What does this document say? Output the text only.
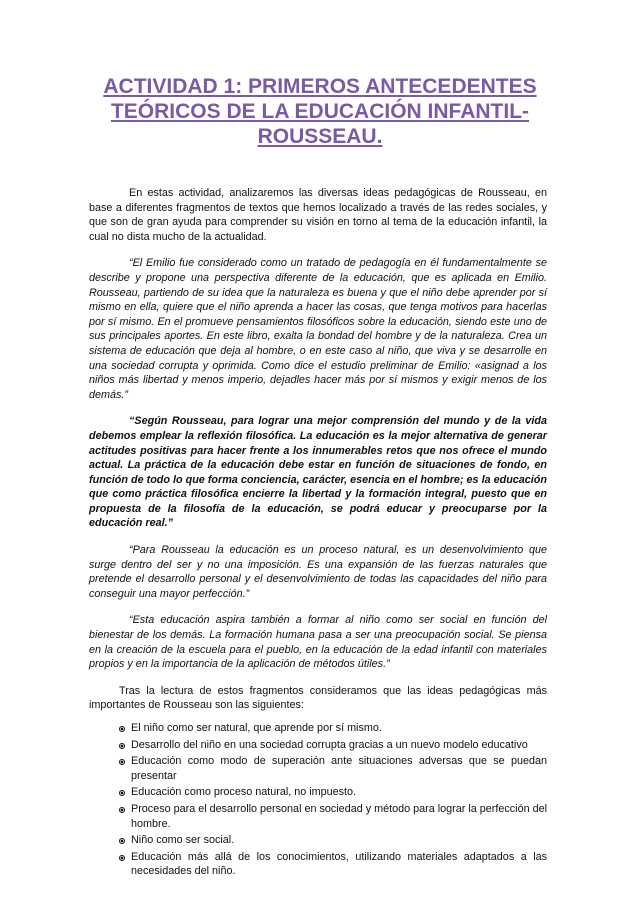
ACTIVIDAD 1: PRIMEROS ANTECEDENTES TEÓRICOS DE LA EDUCACIÓN INFANTIL- ROUSSEAU.

En estas actividad, analizaremos las diversas ideas pedagógicas de Rousseau, en base a diferentes fragmentos de textos que hemos localizado a través de las redes sociales, y que son de gran ayuda para comprender su visión en torno al tema de la educación infantil, la cual no dista mucho de la actualidad.

“El Emilio fue considerado como un tratado de pedagogía en él fundamentalmente se describe y propone una perspectiva diferente de la educación, que es aplicada en Emilio. Rousseau, partiendo de su idea que la naturaleza es buena y que el niño debe aprender por sí mismo en ella, quiere que el niño aprenda a hacer las cosas, que tenga motivos para hacerlas por sí mismo. En el promueve pensamientos filosóficos sobre la educación, siendo este uno de sus principales aportes. En este libro, exalta la bondad del hombre y de la naturaleza. Crea un sistema de educación que deja al hombre, o en este caso al niño, que viva y se desarrolle en una sociedad corrupta y oprimida. Como dice el estudio preliminar de Emilio: «asignad a los niños más libertad y menos imperio, dejadles hacer más por sí mismos y exigir menos de los demás.”

“Según Rousseau, para lograr una mejor comprensión del mundo y de la vida debemos emplear la reflexión filosófica. La educación es la mejor alternativa de generar actitudes positivas para hacer frente a los innumerables retos que nos ofrece el mundo actual. La práctica de la educación debe estar en función de situaciones de fondo, en función de todo lo que forma conciencia, carácter, esencia en el hombre; es la educación que como práctica filosófica encierre la libertad y la formación integral, puesto que en propuesta de la filosofía de la educación, se podrá educar y preocuparse por la educación real.”

“Para Rousseau la educación es un proceso natural, es un desenvolvimiento que surge dentro del ser y no una imposición. Es una expansión de las fuerzas naturales que pretende el desarrollo personal y el desenvolvimiento de todas las capacidades del niño para conseguir una mayor perfección.”

“Esta educación aspira también a formar al niño como ser social en función del bienestar de los demás. La formación humana pasa a ser una preocupación social. Se piensa en la creación de la escuela para el pueblo, en la educación de la edad infantil con materiales propios y en la importancia de la aplicación de métodos útiles.”

Tras la lectura de estos fragmentos consideramos que las ideas pedagógicas más importantes de Rousseau son las siguientes:

El niño como ser natural, que aprende por sí mismo.
Desarrollo del niño en una sociedad corrupta gracias a un nuevo modelo educativo
Educación como modo de superación ante situaciones adversas que se puedan presentar
Educación como proceso natural, no impuesto.
Proceso para el desarrollo personal en sociedad y método para lograr la perfección del hombre.
Niño como ser social.
Educación más allá de los conocimientos, utilizando materiales adaptados a las necesidades del niño.
